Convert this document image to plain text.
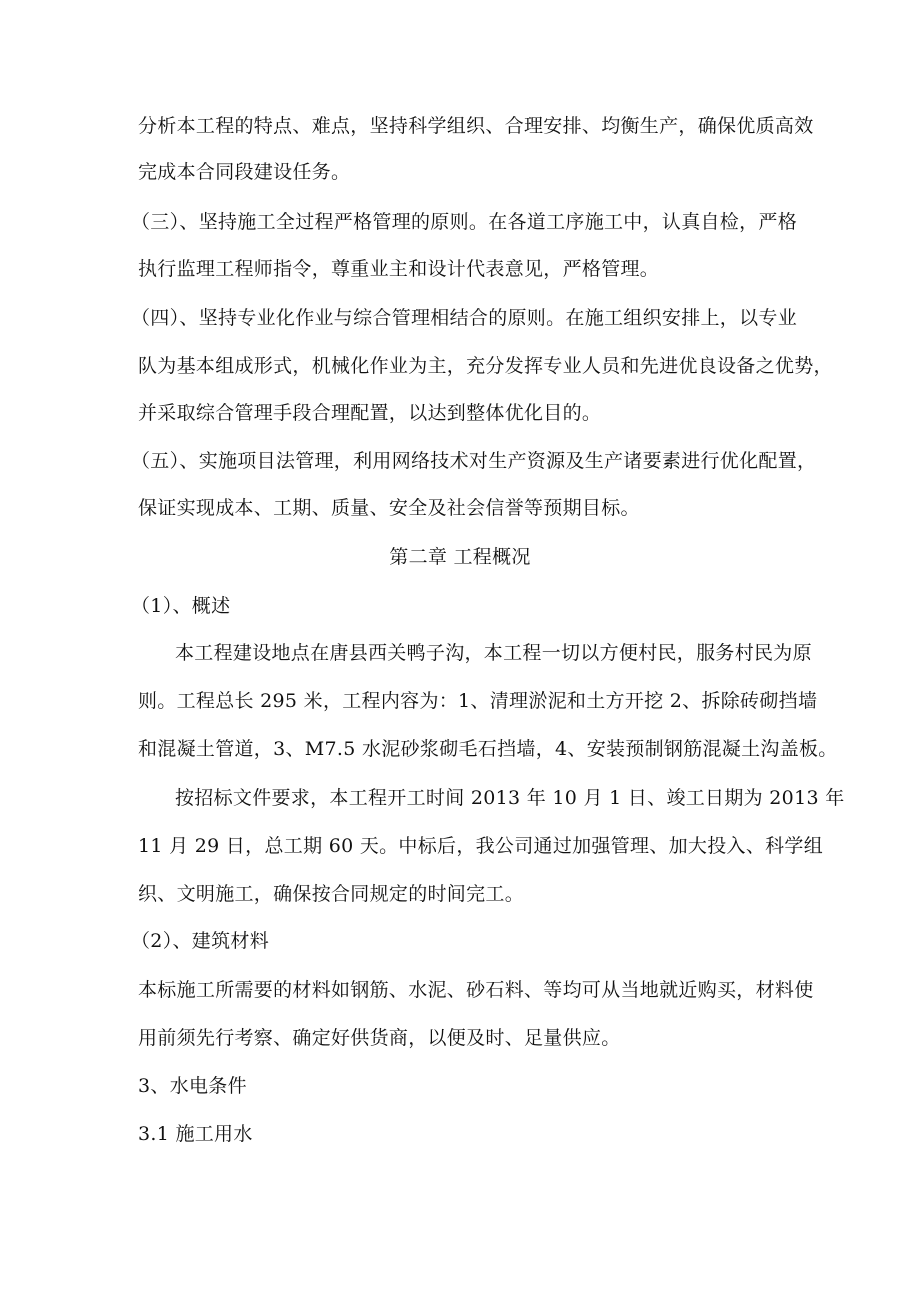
分析本工程的特点、难点，坚持科学组织、合理安排、均衡生产，确保优质高效
完成本合同段建设任务。
（三）、坚持施工全过程严格管理的原则。在各道工序施工中，认真自检，严格
执行监理工程师指令，尊重业主和设计代表意见，严格管理。
（四）、坚持专业化作业与综合管理相结合的原则。在施工组织安排上，以专业
队为基本组成形式，机械化作业为主，充分发挥专业人员和先进优良设备之优势，
并采取综合管理手段合理配置，以达到整体优化目的。
（五）、实施项目法管理，利用网络技术对生产资源及生产诸要素进行优化配置，
保证实现成本、工期、质量、安全及社会信誉等预期目标。
第二章 工程概况
（1）、概述
本工程建设地点在唐县西关鸭子沟，本工程一切以方便村民，服务村民为原
则。工程总长 295 米，工程内容为：1、清理淤泥和土方开挖 2、拆除砖砌挡墙
和混凝土管道，3、M7.5 水泥砂浆砌毛石挡墙，4、安装预制钢筋混凝土沟盖板。
按招标文件要求，本工程开工时间 2013 年 10 月 1 日、竣工日期为 2013 年
11 月 29 日，总工期 60 天。中标后，我公司通过加强管理、加大投入、科学组
织、文明施工，确保按合同规定的时间完工。
（2）、建筑材料
本标施工所需要的材料如钢筋、水泥、砂石料、等均可从当地就近购买，材料使
用前须先行考察、确定好供货商，以便及时、足量供应。
3、水电条件
3.1 施工用水
